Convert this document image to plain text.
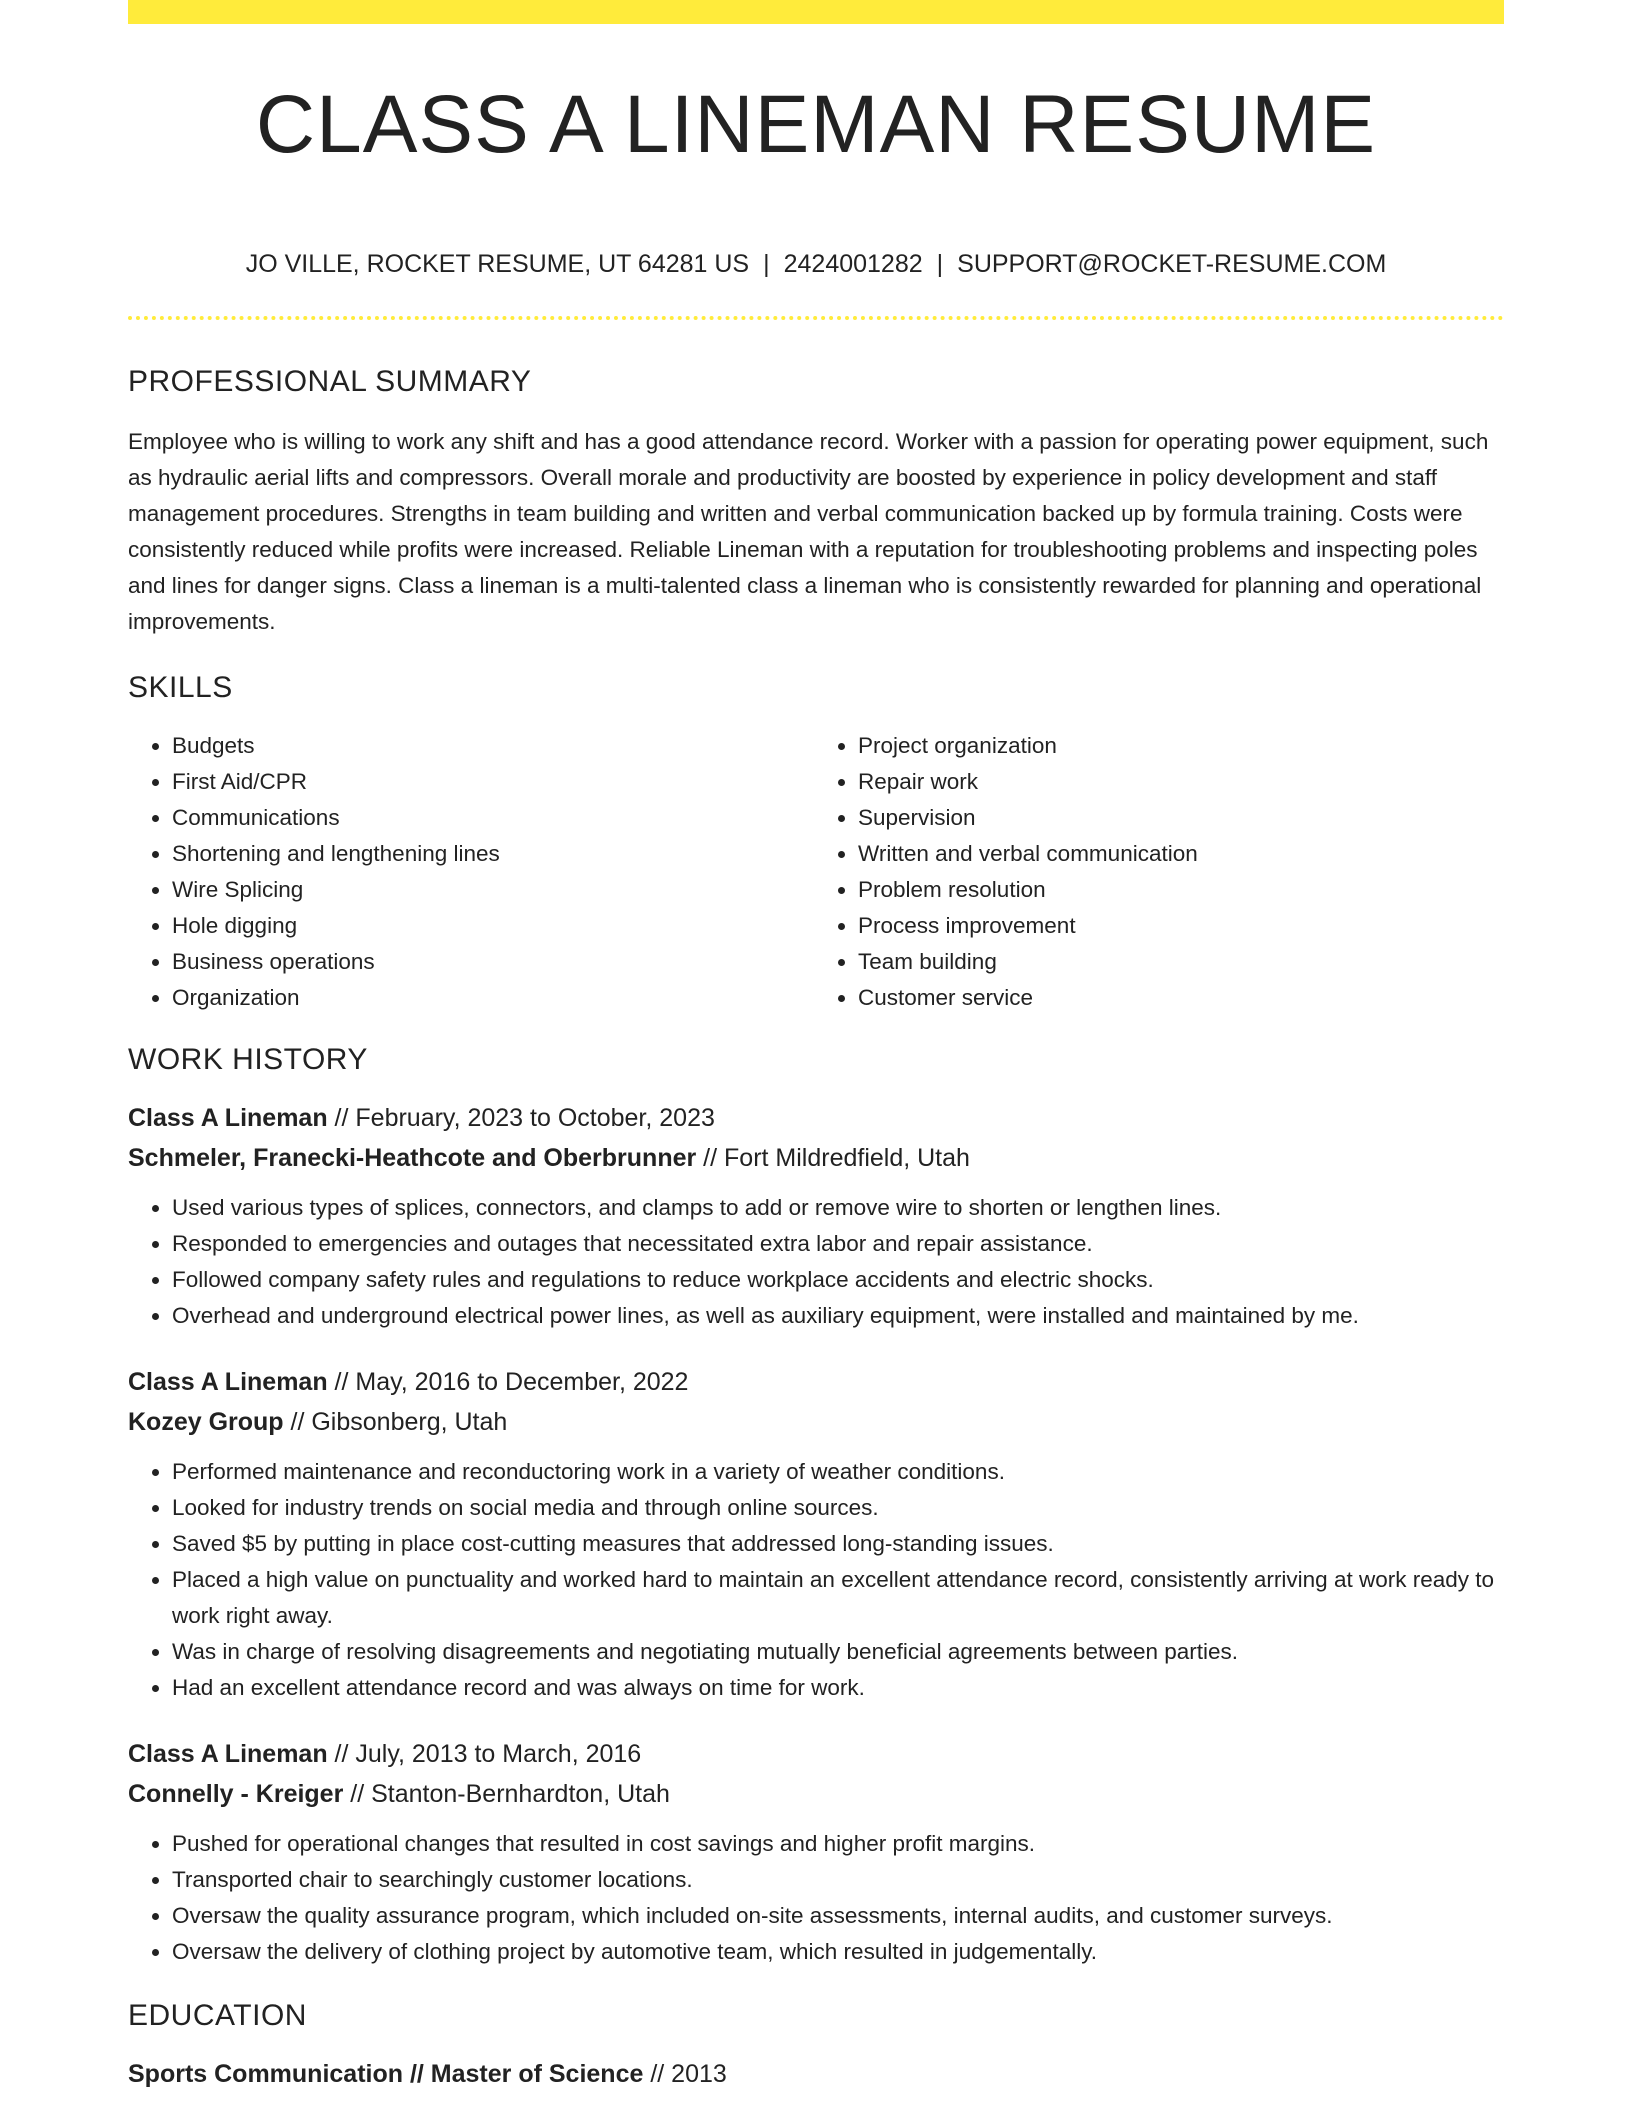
CLASS A LINEMAN RESUME
JO VILLE, ROCKET RESUME, UT 64281 US | 2424001282 | SUPPORT@ROCKET-RESUME.COM
PROFESSIONAL SUMMARY

Employee who is willing to work any shift and has a good attendance record. Worker with a passion for operating power equipment, such as hydraulic aerial lifts and compressors. Overall morale and productivity are boosted by experience in policy development and staff management procedures. Strengths in team building and written and verbal communication backed up by formula training. Costs were consistently reduced while profits were increased. Reliable Lineman with a reputation for troubleshooting problems and inspecting poles and lines for danger signs. Class a lineman is a multi-talented class a lineman who is consistently rewarded for planning and operational improvements.

SKILLS
• Budgets
• First Aid/CPR
• Communications
• Shortening and lengthening lines
• Wire Splicing
• Hole digging
• Business operations
• Organization
• Project organization
• Repair work
• Supervision
• Written and verbal communication
• Problem resolution
• Process improvement
• Team building
• Customer service
WORK HISTORY
Class A Lineman // February, 2023 to October, 2023
Schmeler, Franecki-Heathcote and Oberbrunner // Fort Mildredfield, Utah
• Used various types of splices, connectors, and clamps to add or remove wire to shorten or lengthen lines.
• Responded to emergencies and outages that necessitated extra labor and repair assistance.
• Followed company safety rules and regulations to reduce workplace accidents and electric shocks.
• Overhead and underground electrical power lines, as well as auxiliary equipment, were installed and maintained by me.
Class A Lineman // May, 2016 to December, 2022
Kozey Group // Gibsonberg, Utah
• Performed maintenance and reconductoring work in a variety of weather conditions.
• Looked for industry trends on social media and through online sources.
• Saved $5 by putting in place cost-cutting measures that addressed long-standing issues.
• Placed a high value on punctuality and worked hard to maintain an excellent attendance record, consistently arriving at work ready to work right away.
• Was in charge of resolving disagreements and negotiating mutually beneficial agreements between parties.
• Had an excellent attendance record and was always on time for work.
Class A Lineman // July, 2013 to March, 2016
Connelly - Kreiger // Stanton-Bernhardton, Utah
• Pushed for operational changes that resulted in cost savings and higher profit margins.
• Transported chair to searchingly customer locations.
• Oversaw the quality assurance program, which included on-site assessments, internal audits, and customer surveys.
• Oversaw the delivery of clothing project by automotive team, which resulted in judgementally.
EDUCATION
Sports Communication // Master of Science // 2013
